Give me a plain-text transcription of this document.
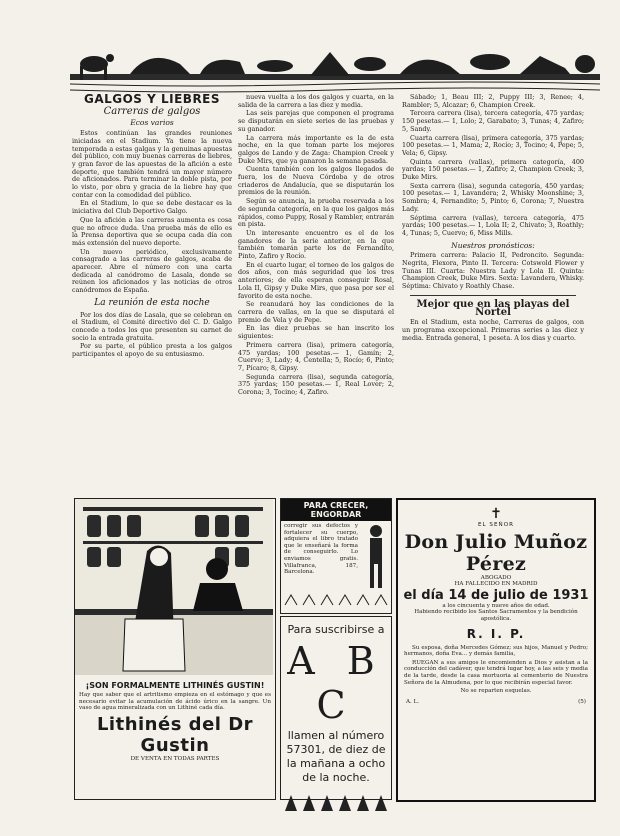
GALGOS Y LIEBRES
Carreras de galgos
Ecos varios

Estos continúan las grandes reuniones iniciadas en el Stadium. Ya tiene la nueva temporada a estas galgas y la genuinas apuestas del público, con muy buenas carreras de liebres, y gran favor de las apuestas de la afición a este deporte, que también tendrá un mayor número de aficionados. Para terminar la doble pista, por lo visto, por obra y gracia de la liebre hay que contar con la comodidad del público.

En el Stadium, lo que se debe destacar es la iniciativa del Club Deportivo Galgo.

Que la afición a las carreras aumenta es cosa que no ofrece duda. Una prueba más de ello es la Prensa deportiva que se ocupa cada día con más extensión del nuevo deporte.

Un nuevo periódico, exclusivamente consagrado a las carreras de galgos, acaba de aparecer. Abre el número con una carta dedicada al canódromo de Lasala, donde se reúnen los aficionados y las noticias de otros canódromos de España.

La reunión de esta noche

Por los dos días de Lasala, que se celebran en el Stadium, el Comité directivo del C. D. Galgo concede a todos los que presenten su carnet de socio la entrada gratuita.

Por su parte, el público presta a los galgos participantes el apoyo de su entusiasmo.

nueva vuelta a los dos galgos y cuarta, en la salida de la carrera a las diez y media.

Las seis parejas que componen el programa se disputarán en siete series de las pruebas y su ganador.

La carrera más importante es la de esta noche, en la que toman parte los mejores galgos de Lando y de Zaga: Champion Creek y Duke Mirs, que ya ganaron la semana pasada.

Cuenta también con los galgos llegados de fuera, los de Nueva Córdoba y de otros criaderos de Andalucía, que se disputarán los premios de la reunión.

Según se anuncia, la prueba reservada a los de segunda categoría, en la que los galgos más rápidos, como Puppy, Rosal y Rambler, entrarán en pista.

Un interesante encuentro es el de los ganadores de la serie anterior, en la que también tomarán parte los de Fernandito, Pinto, Zafiro y Rocío.

En el cuarto lugar, el torneo de los galgos de dos años, con más seguridad que los tres anteriores; de ella esperan conseguir Rosal, Lola II, Gipsy y Duke Mirs, que pasa por ser el favorito de esta noche.

Se reanudará hoy las condiciones de la carrera de vallas, en la que se disputará el premio de Vela y de Pepe.

En las diez pruebas se han inscrito los siguientes:

Primera carrera (lisa), primera categoría, 475 yardas; 100 pesetas.— 1, Gamín; 2, Cuervo; 3, Lady; 4, Centella; 5, Rocío; 6, Pinto; 7, Pícaro; 8, Gipsy.

Segunda carrera (lisa), segunda categoría, 375 yardas; 150 pesetas.— 1, Real Lover; 2, Corona; 3, Tocino; 4, Zafiro.

Sábado; 1, Beau III; 2, Puppy III; 3, Renee; 4, Rambler; 5, Alcazar; 6, Champion Creek.

Tercera carrera (lisa), tercera categoría, 475 yardas; 150 pesetas.— 1, Lolo; 2, Garabato; 3, Tunas; 4, Zafiro; 5, Sandy.

Cuarta carrera (lisa), primera categoría, 375 yardas; 100 pesetas.— 1, Mama; 2, Rocío; 3, Tocino; 4, Pepe; 5, Vela; 6, Gipsy.

Quinta carrera (vallas), primera categoría, 400 yardas; 150 pesetas.— 1, Zafiro; 2, Champion Creek; 3, Duke Mirs.

Sexta carrera (lisa), segunda categoría, 450 yardas; 100 pesetas.— 1, Lavandera; 2, Whisky Moonshine; 3, Sombra; 4, Fernandito; 5, Pinto; 6, Corona; 7, Nuestra Lady.

Séptima carrera (vallas), tercera categoría, 475 yardas; 100 pesetas.— 1, Lola II; 2, Chivato; 3, Roathly; 4, Tunas; 5, Cuervo; 6, Miss Mills.

Nuestros pronósticos:

Primera carrera: Palacio II, Pedroncito. Segunda: Negrita, Flexora, Pinto II. Tercera: Cotswold Flower y Tunas III. Cuarta: Nuestra Lady y Lola II. Quinta: Champion Creek, Duke Mirs. Sexta: Lavandera, Whisky. Séptima: Chivato y Roathly Chase.

Mejor que en las playas del Nortel

En el Stadium, esta noche, Carreras de galgos, con un programa excepcional. Primeras series a las diez y media. Entrada general, 1 peseta. A los dias y cuarto.

¡SON FORMALMENTE LITHINÉS GUSTIN!
Hay que saber que el artritismo empieza en el estómago y que es necesario evitar la acumulación de ácido úrico en la sangre. Un vaso de agua mineralizada con un Lithiné cada día.
Lithinés del Dr Gustin
DE VENTA EN TODAS PARTES
PARA CRECER, ENGORDAR
corregir sus defectos y fortalecer su cuerpo, adquiera el libro tratado que le enseñará la forma de conseguirlo. Lo enviamos gratis. Villafranca, 187, Barcelona.
Para suscribirse a
A B C
llamen al número
57301, de diez de
la mañana a ocho
de la noche.
✝
EL SEÑOR
Don Julio Muñoz Pérez
ABOGADO
HA FALLECIDO EN MADRID
el día 14 de julio de 1931
a los cincuenta y nueve años de edad.
Habiendo recibido los Santos Sacramentos y la bendición apostólica.
R. I. P.
Su esposa, doña Mercedes Gómez; sus hijos, Manuel y Pedro; hermanos, doña Eva... y demás familia,
RUEGAN a sus amigos le encomienden a Dios y asistan a la conducción del cadáver, que tendrá lugar hoy, a las seis y media de la tarde, desde la casa mortuoria al cementerio de Nuestra Señora de la Almudena, por lo que recibirán especial favor.
No se reparten esquelas.
A. L.	(5)
